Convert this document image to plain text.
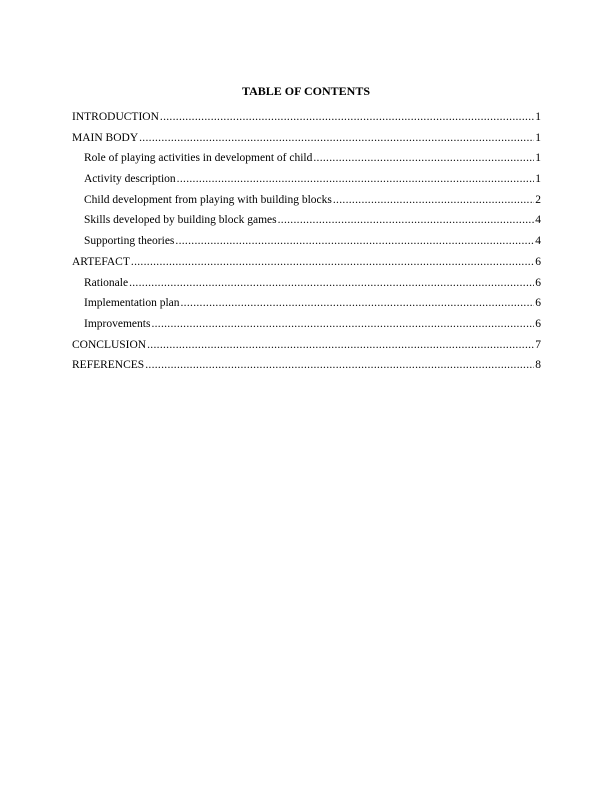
TABLE OF CONTENTS
INTRODUCTION .....	1
MAIN BODY .....	1
Role of playing activities in development of child .....	1
Activity description .....	1
Child development from playing with building blocks .....	2
Skills developed by building block games .....	4
Supporting theories .....	4
ARTEFACT .....	6
Rationale .....	6
Implementation plan .....	6
Improvements .....	6
CONCLUSION .....	7
REFERENCES .....	8
